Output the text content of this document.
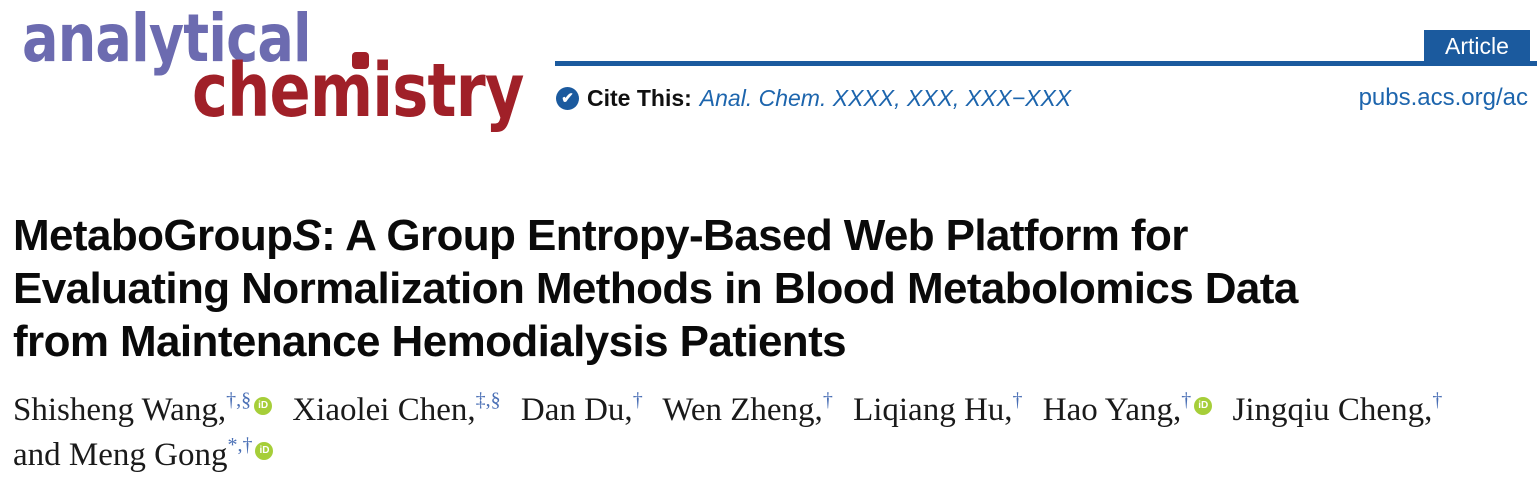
analytical
chemistry
Article
✔ Cite This: Anal. Chem. XXXX, XXX, XXX−XXX	pubs.acs.org/ac
MetaboGroupS: A Group Entropy-Based Web Platform for
Evaluating Normalization Methods in Blood Metabolomics Data
from Maintenance Hemodialysis Patients
Shisheng Wang,†,§ iD Xiaolei Chen,‡,§ Dan Du,† Wen Zheng,† Liqiang Hu,† Hao Yang,† iD Jingqiu Cheng,†
and Meng Gong*,† iD
